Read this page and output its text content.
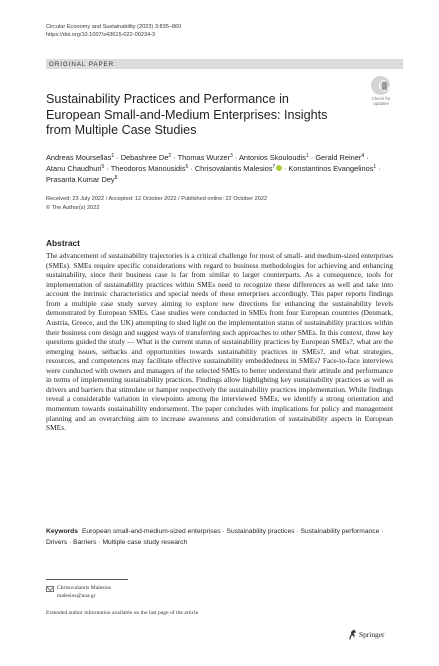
Circular Economy and Sustainability (2023) 3:835–860
https://doi.org/10.1007/s43615-022-00234-3
ORIGINAL PAPER
Check for
updates
Sustainability Practices and Performance in European Small-and-Medium Enterprises: Insights from Multiple Case Studies
Andreas Moursellas$^1$ · Debashree $De^2$ · Thomas Wurzer$^3$ · Antonios Skouloudis$^1$ · Gerald Reiner$^4$ · Atanu Chaudhuri$^5$ · Theodoros Manousidis$^6$ · Chrisovalantis Malesios$^7$ · Konstantinos Evangelinos$^1$ · Prasanta Kumar Dey$^8$
Received: 23 July 2022 / Accepted: 12 October 2022 / Published online: 22 October 2022
© The Author(s) 2022
Abstract

The advancement of sustainability trajectories is a critical challenge for most of small- and medium-sized enterprises (SMEs). SMEs require specific considerations with regard to business methodologies for achieving and enhancing sustainability, since their business case is far from similar to larger counterparts. As a consequence, tools for implementation of sustainability practices within SMEs need to recognize these differences as well and take into account the intrinsic characteristics and special needs of these enterprises accordingly. This paper reports findings from a multiple case study survey aiming to explore new directions for enhancing the sustainability levels demonstrated by European SMEs. Case studies were conducted in SMEs from four European countries (Denmark, Austria, Greece, and the UK) attempting to shed light on the implementation status of sustainability practices within their business core design and suggest ways of transferring such approaches to other SMEs. In this context, three key questions guided the study — What is the current status of sustainability practices by European SMEs?, what are the emerging issues, setbacks and opportunities towards sustainability practices in SMEs?, and what strategies, resources, and competences may facilitate effective sustainability embeddedness in SMEs? Face-to-face interviews were conducted with owners and managers of the selected SMEs to better understand their attitude and performance in terms of implementing sustainability practices. Findings allow highlighting key sustainability practices as well as drivers and barriers that stimulate or hamper respectively the sustainability practices implementation. While findings reveal a considerable variation in viewpoints among the interviewed SMEs, we identify a strong orientation and momentum towards sustainability endorsement. The paper concludes with implications for policy and management planning and an overarching aim to increase awareness and consideration of sustainability aspects in European SMEs.

Keywords European small-and-medium-sized enterprises · Sustainability practices · Sustainability performance · Drivers · Barriers · Multiple case study research

Chrisovalantis Malesios
malesios@aua.gr
Extended author information available on the last page of the article
Springer
